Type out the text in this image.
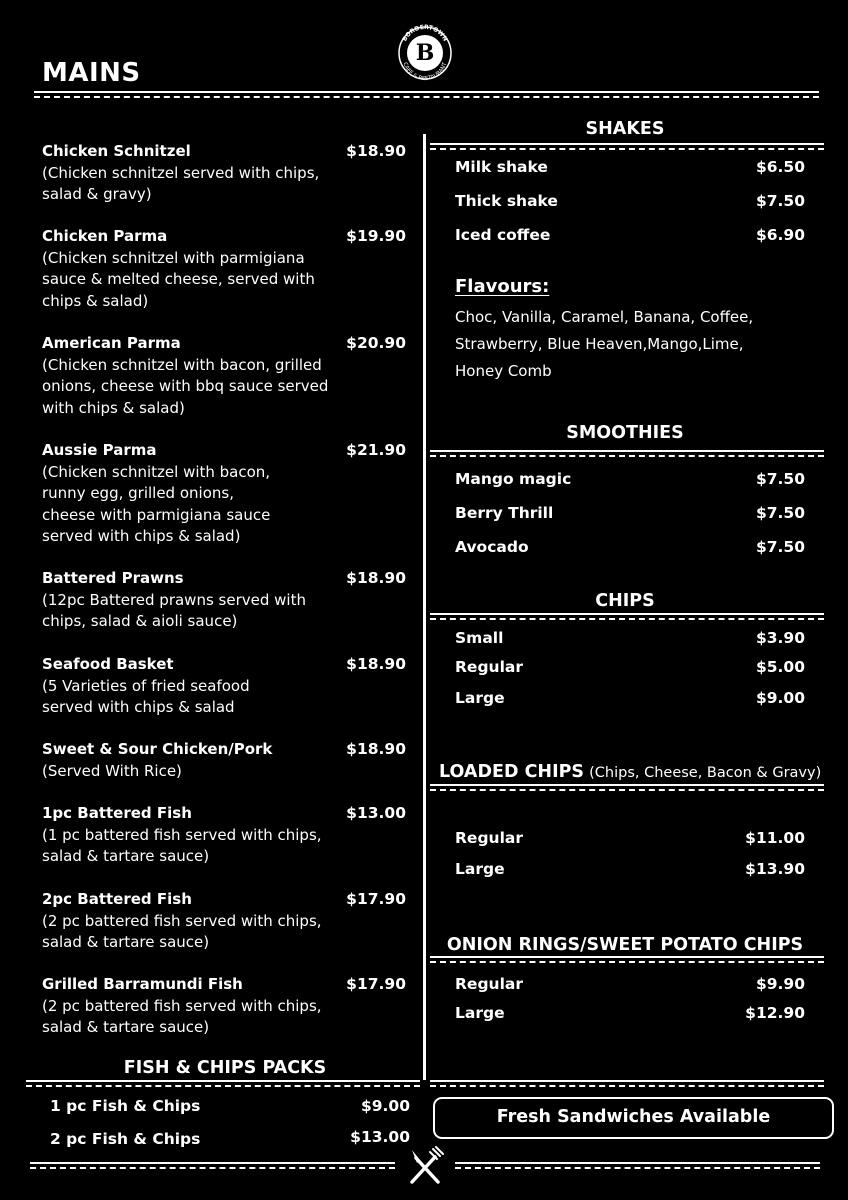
B
BORDERTOWN
CAFE & RESTAURANT
MAINS
Chicken Schnitzel	$18.90
(Chicken schnitzel served with chips, salad & gravy)
Chicken Parma	$19.90
(Chicken schnitzel with parmigiana sauce & melted cheese, served with chips & salad)
American Parma	$20.90
(Chicken schnitzel with bacon, grilled onions, cheese with bbq sauce served with chips & salad)
Aussie Parma	$21.90
(Chicken schnitzel with bacon, runny egg, grilled onions, cheese with parmigiana sauce served with chips & salad)
Battered Prawns	$18.90
(12pc Battered prawns served with chips, salad & aioli sauce)
Seafood Basket	$18.90
(5 Varieties of fried seafood served with chips & salad
Sweet & Sour Chicken/Pork	$18.90
(Served With Rice)
1pc Battered Fish	$13.00
(1 pc battered fish served with chips, salad & tartare sauce)
2pc Battered Fish	$17.90
(2 pc battered fish served with chips, salad & tartare sauce)
Grilled Barramundi Fish	$17.90
(2 pc battered fish served with chips, salad & tartare sauce)
FISH & CHIPS PACKS
1 pc Fish & Chips	$9.00
2 pc Fish & Chips	$13.00
SHAKES
Milk shake	$6.50
Thick shake	$7.50
Iced coffee	$6.90
Flavours:
Choc, Vanilla, Caramel, Banana, Coffee,
Strawberry, Blue Heaven,Mango,Lime,
Honey Comb
SMOOTHIES
Mango magic	$7.50
Berry Thrill	$7.50
Avocado	$7.50
CHIPS
Small	$3.90
Regular	$5.00
Large	$9.00
LOADED CHIPS (Chips, Cheese, Bacon & Gravy)
Regular	$11.00
Large	$13.90
ONION RINGS/SWEET POTATO CHIPS
Regular	$9.90
Large	$12.90
Fresh Sandwiches Available
